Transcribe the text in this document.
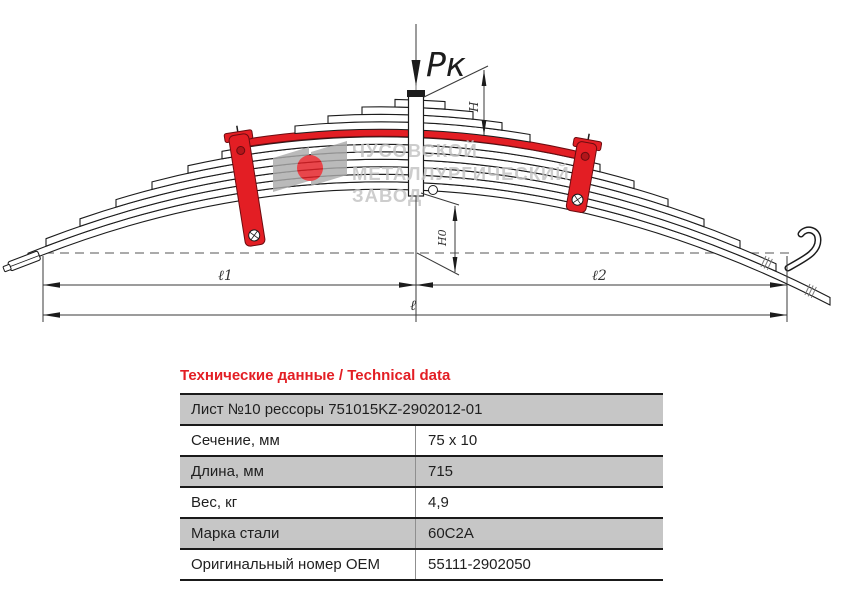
ЧУСОВСКОЙ
МЕТАЛЛУРГИЧЕСКИЙ
ЗАВОД
Pк
H
H0
ℓ1	ℓ2
ℓ

Технические данные / Technical data

Лист №10 рессоры 751015KZ-2902012-01
Сечение, мм	75 x 10
Длина, мм	715
Вес, кг	4,9
Марка стали	60С2А
Оригинальный номер OEM	55111-2902050
